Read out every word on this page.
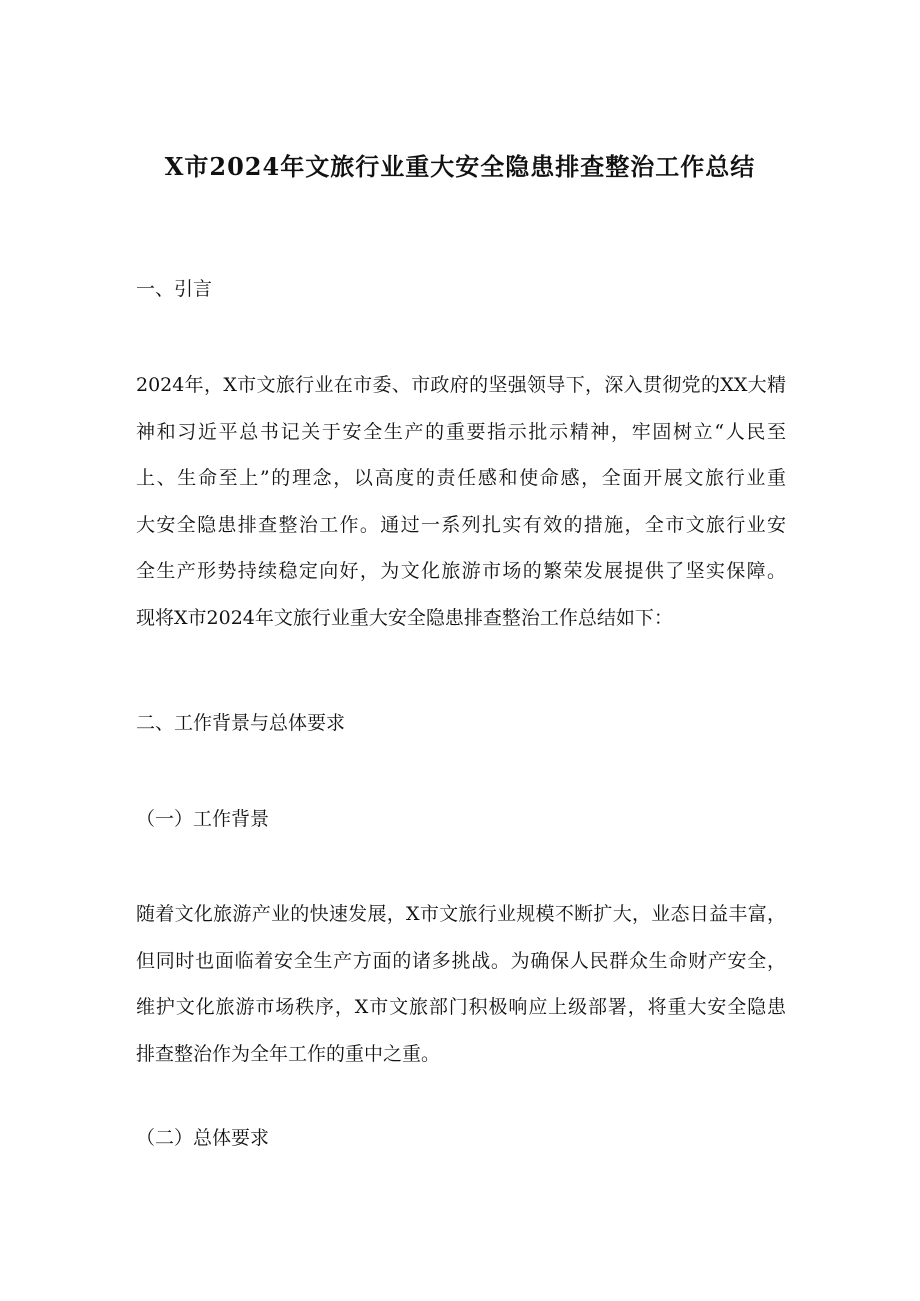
X市2024年文旅行业重大安全隐患排查整治工作总结
一、引言
2024年，X市文旅行业在市委、市政府的坚强领导下，深入贯彻党的XX大精
神和习近平总书记关于安全生产的重要指示批示精神，牢固树立“人民至
上、生命至上”的理念，以高度的责任感和使命感，全面开展文旅行业重
大安全隐患排查整治工作。通过一系列扎实有效的措施，全市文旅行业安
全生产形势持续稳定向好，为文化旅游市场的繁荣发展提供了坚实保障。
现将X市2024年文旅行业重大安全隐患排查整治工作总结如下：
二、工作背景与总体要求
（一）工作背景
随着文化旅游产业的快速发展，X市文旅行业规模不断扩大，业态日益丰富，
但同时也面临着安全生产方面的诸多挑战。为确保人民群众生命财产安全，
维护文化旅游市场秩序，X市文旅部门积极响应上级部署，将重大安全隐患
排查整治作为全年工作的重中之重。
（二）总体要求
